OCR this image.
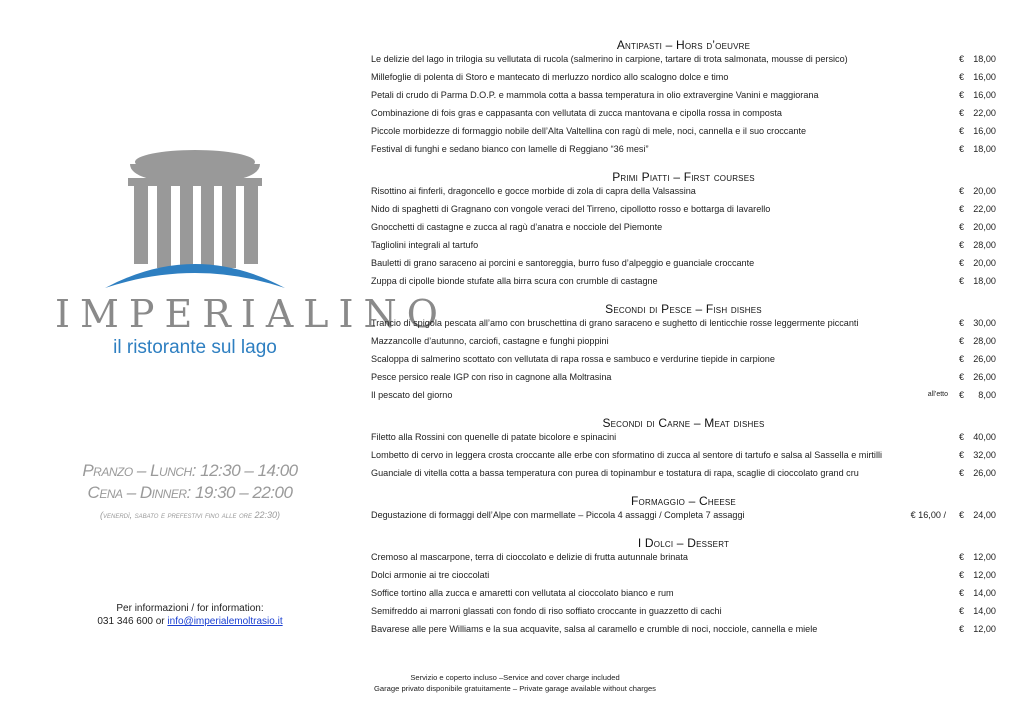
IMPERIALINO
il ristorante sul lago
Pranzo – Lunch: 12:30 – 14:00
Cena – Dinner: 19:30 – 22:00
(venerdì, sabato e prefestivi fino alle ore 22:30)
Per informazioni / for information:
031 346 600 or info@imperialemoltrasio.it
Antipasti – Hors d’oeuvre
Le delizie del lago in trilogia su vellutata di rucola (salmerino in carpione, tartare di trota salmonata, mousse di persico)	€ 18,00
Millefoglie di polenta di Storo e mantecato di merluzzo nordico allo scalogno dolce e timo	€ 16,00
Petali di crudo di Parma D.O.P. e mammola cotta a bassa temperatura in olio extravergine Vanini e maggiorana	€ 16,00
Combinazione di fois gras e cappasanta con vellutata di zucca mantovana e cipolla rossa in composta	€ 22,00
Piccole morbidezze di formaggio nobile dell’Alta Valtellina con ragù di mele, noci, cannella e il suo croccante	€ 16,00
Festival di funghi e sedano bianco con lamelle di Reggiano “36 mesi”	€ 18,00
Primi Piatti – First courses
Risottino ai finferli, dragoncello e gocce morbide di zola di capra della Valsassina	€ 20,00
Nido di spaghetti di Gragnano con vongole veraci del Tirreno, cipollotto rosso e bottarga di lavarello	€ 22,00
Gnocchetti di castagne e zucca al ragù d’anatra e nocciole del Piemonte	€ 20,00
Tagliolini integrali al tartufo	€ 28,00
Bauletti di grano saraceno ai porcini e santoreggia, burro fuso d’alpeggio e guanciale croccante	€ 20,00
Zuppa di cipolle bionde stufate alla birra scura con crumble di castagne	€ 18,00
Secondi di Pesce – Fish dishes
Trancio di spigola pescata all’amo con bruschettina di grano saraceno e sughetto di lenticchie rosse leggermente piccanti	€ 30,00
Mazzancolle d’autunno, carciofi, castagne e funghi pioppini	€ 28,00
Scaloppa di salmerino scottato con vellutata di rapa rossa e sambuco e verdurine tiepide in carpione	€ 26,00
Pesce persico reale IGP con riso in cagnone alla Moltrasina	€ 26,00
Il pescato del giorno	all’etto € 8,00
Secondi di Carne – Meat dishes
Filetto alla Rossini con quenelle di patate bicolore e spinacini	€ 40,00
Lombetto di cervo in leggera crosta croccante alle erbe con sformatino di zucca al sentore di tartufo e salsa al Sassella e mirtilli	€ 32,00
Guanciale di vitella cotta a bassa temperatura con purea di topinambur e tostatura di rapa, scaglie di cioccolato grand cru	€ 26,00
Formaggio – Cheese
Degustazione di formaggi dell’Alpe con marmellate – Piccola 4 assaggi / Completa 7 assaggi	€ 16,00 / € 24,00
I Dolci – Dessert
Cremoso al mascarpone, terra di cioccolato e delizie di frutta autunnale brinata	€ 12,00
Dolci armonie ai tre cioccolati	€ 12,00
Soffice tortino alla zucca e amaretti con vellutata al cioccolato bianco e rum	€ 14,00
Semifreddo ai marroni glassati con fondo di riso soffiato croccante in guazzetto di cachi	€ 14,00
Bavarese alle pere Williams e la sua acquavite, salsa al caramello e crumble di noci, nocciole, cannella e miele	€ 12,00
Servizio e coperto incluso –Service and cover charge included
Garage privato disponibile gratuitamente – Private garage available without charges
